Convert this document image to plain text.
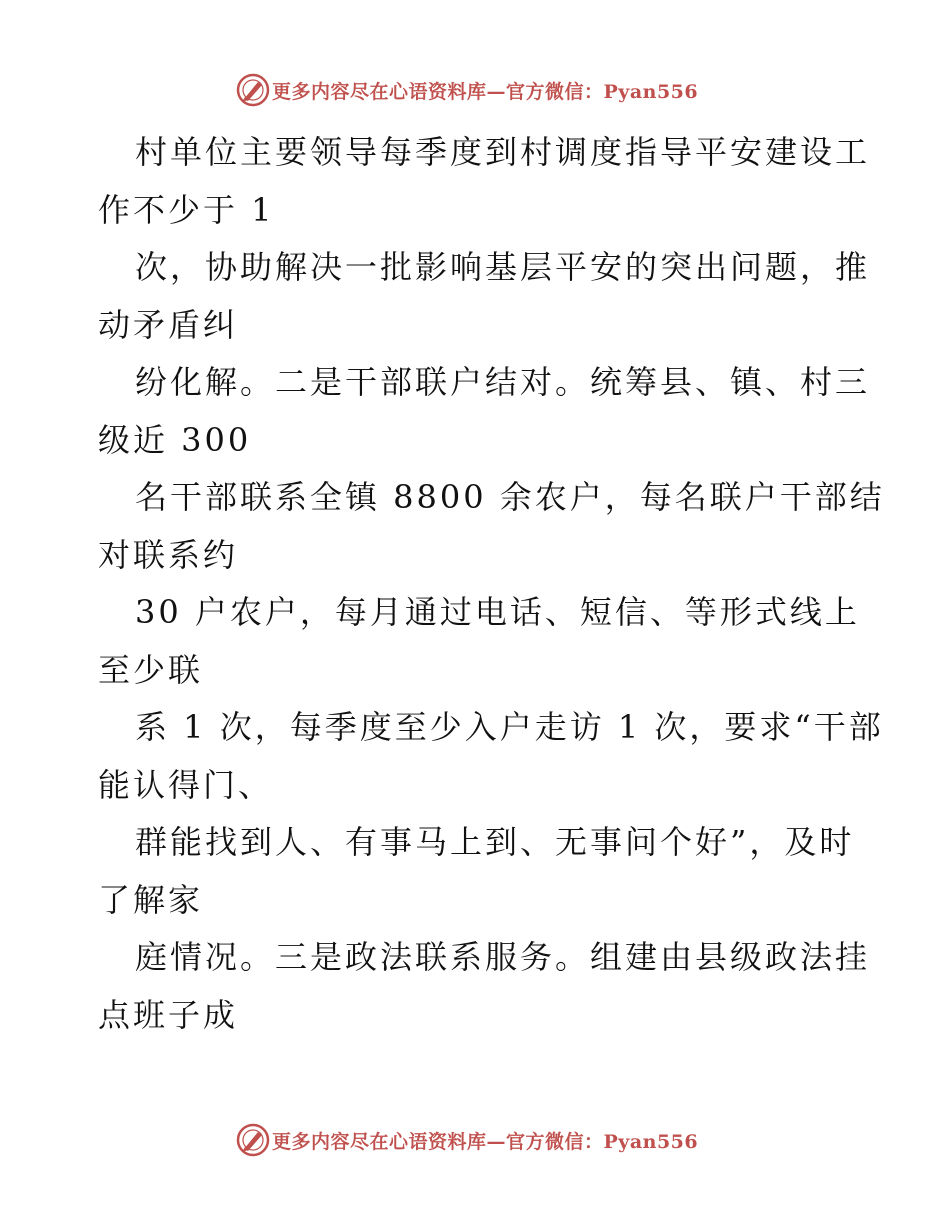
更多内容尽在心语资料库—官方微信：Pyan556
村单位主要领导每季度到村调度指导平安建设工
作不少于 1
次，协助解决一批影响基层平安的突出问题，推
动矛盾纠
纷化解。二是干部联户结对。统筹县、镇、村三
级近 300
名干部联系全镇 8800 余农户，每名联户干部结
对联系约
30 户农户，每月通过电话、短信、等形式线上
至少联
系 1 次，每季度至少入户走访 1 次，要求“干部
能认得门、
群能找到人、有事马上到、无事问个好”，及时
了解家
庭情况。三是政法联系服务。组建由县级政法挂
点班子成
更多内容尽在心语资料库—官方微信：Pyan556
